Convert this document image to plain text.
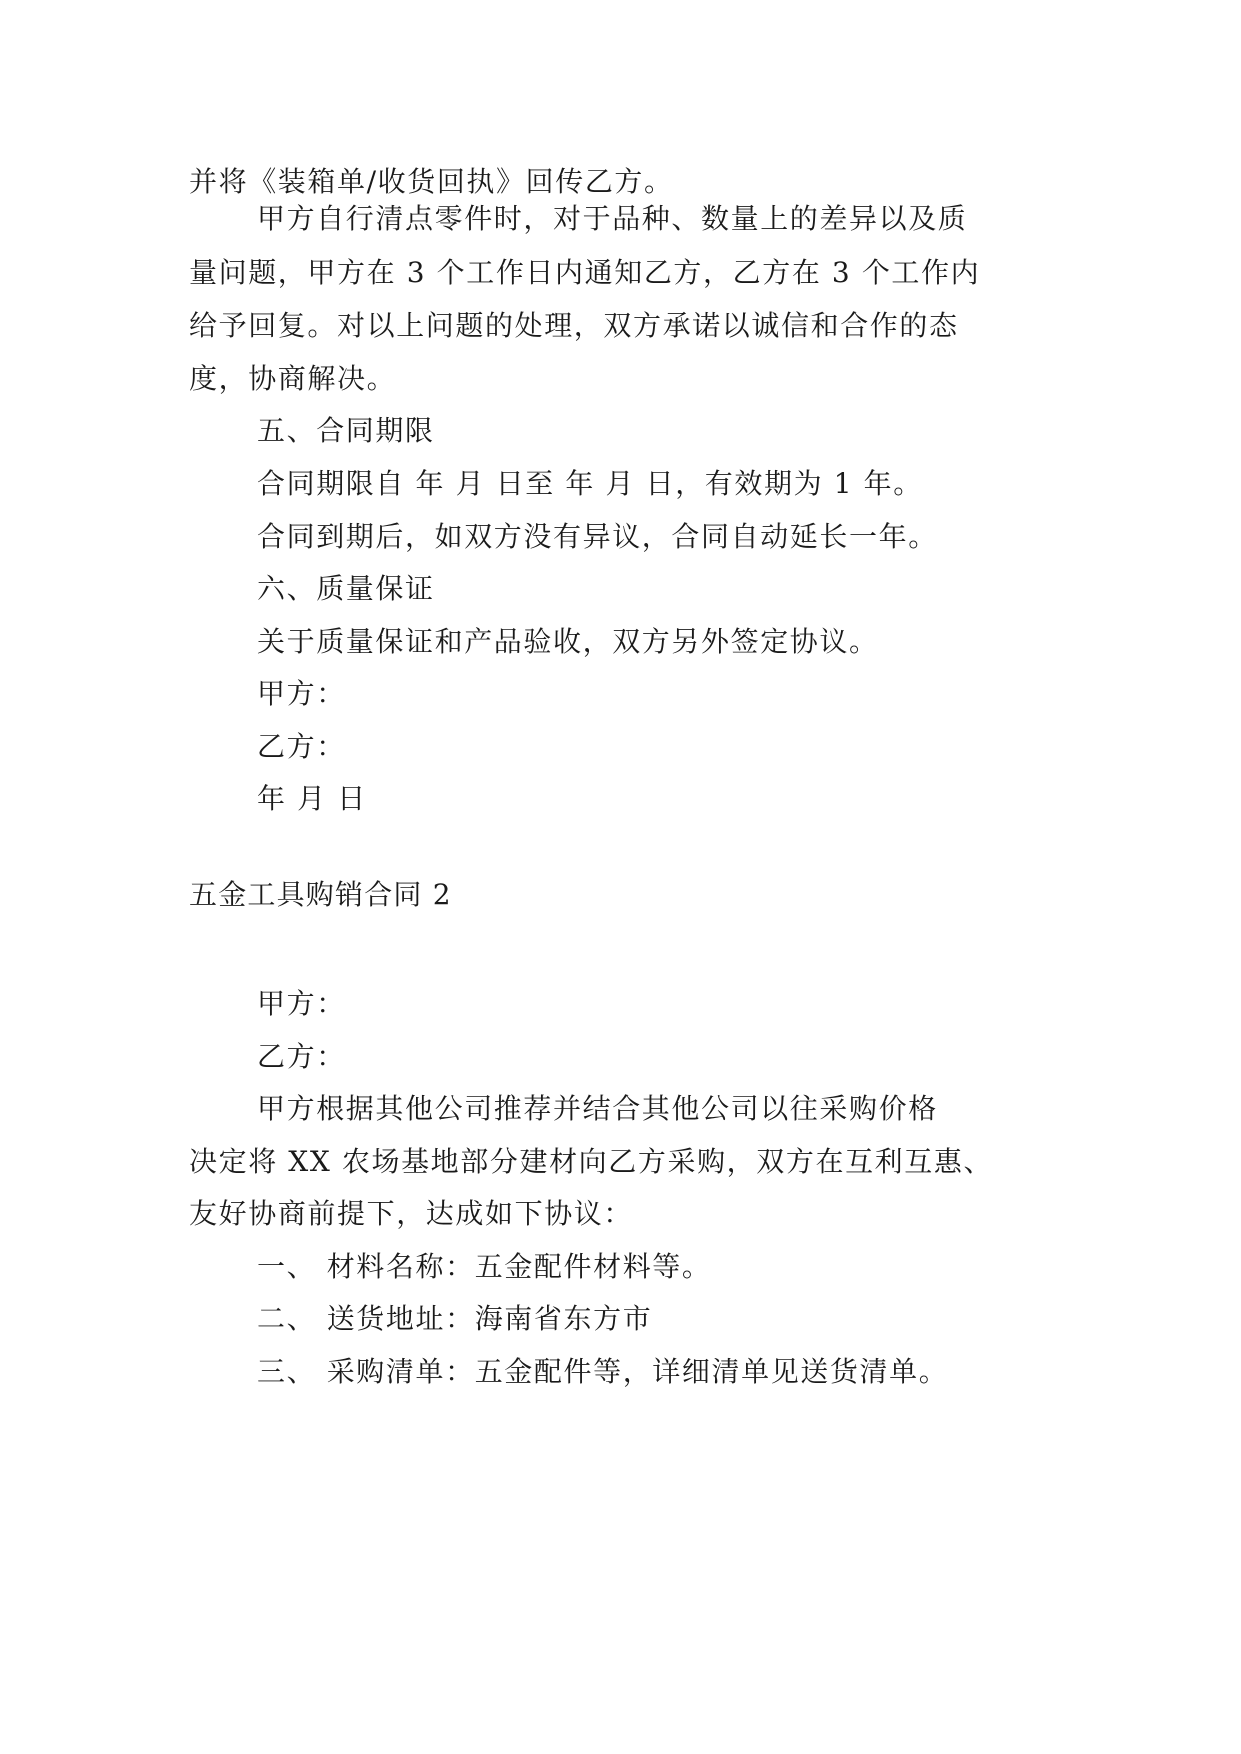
并将《装箱单/收货回执》回传乙方。
甲方自行清点零件时，对于品种、数量上的差异以及质
量问题，甲方在 3 个工作日内通知乙方，乙方在 3 个工作内
给予回复。对以上问题的处理，双方承诺以诚信和合作的态
度，协商解决。
五、合同期限
合同期限自 年 月 日至 年 月 日，有效期为 1 年。
合同到期后，如双方没有异议，合同自动延长一年。
六、质量保证
关于质量保证和产品验收，双方另外签定协议。
甲方：
乙方：
年 月 日
五金工具购销合同 2
甲方：
乙方：
甲方根据其他公司推荐并结合其他公司以往采购价格
决定将 XX 农场基地部分建材向乙方采购，双方在互利互惠、
友好协商前提下，达成如下协议：
一、 材料名称：五金配件材料等。
二、 送货地址：海南省东方市
三、 采购清单：五金配件等，详细清单见送货清单。
